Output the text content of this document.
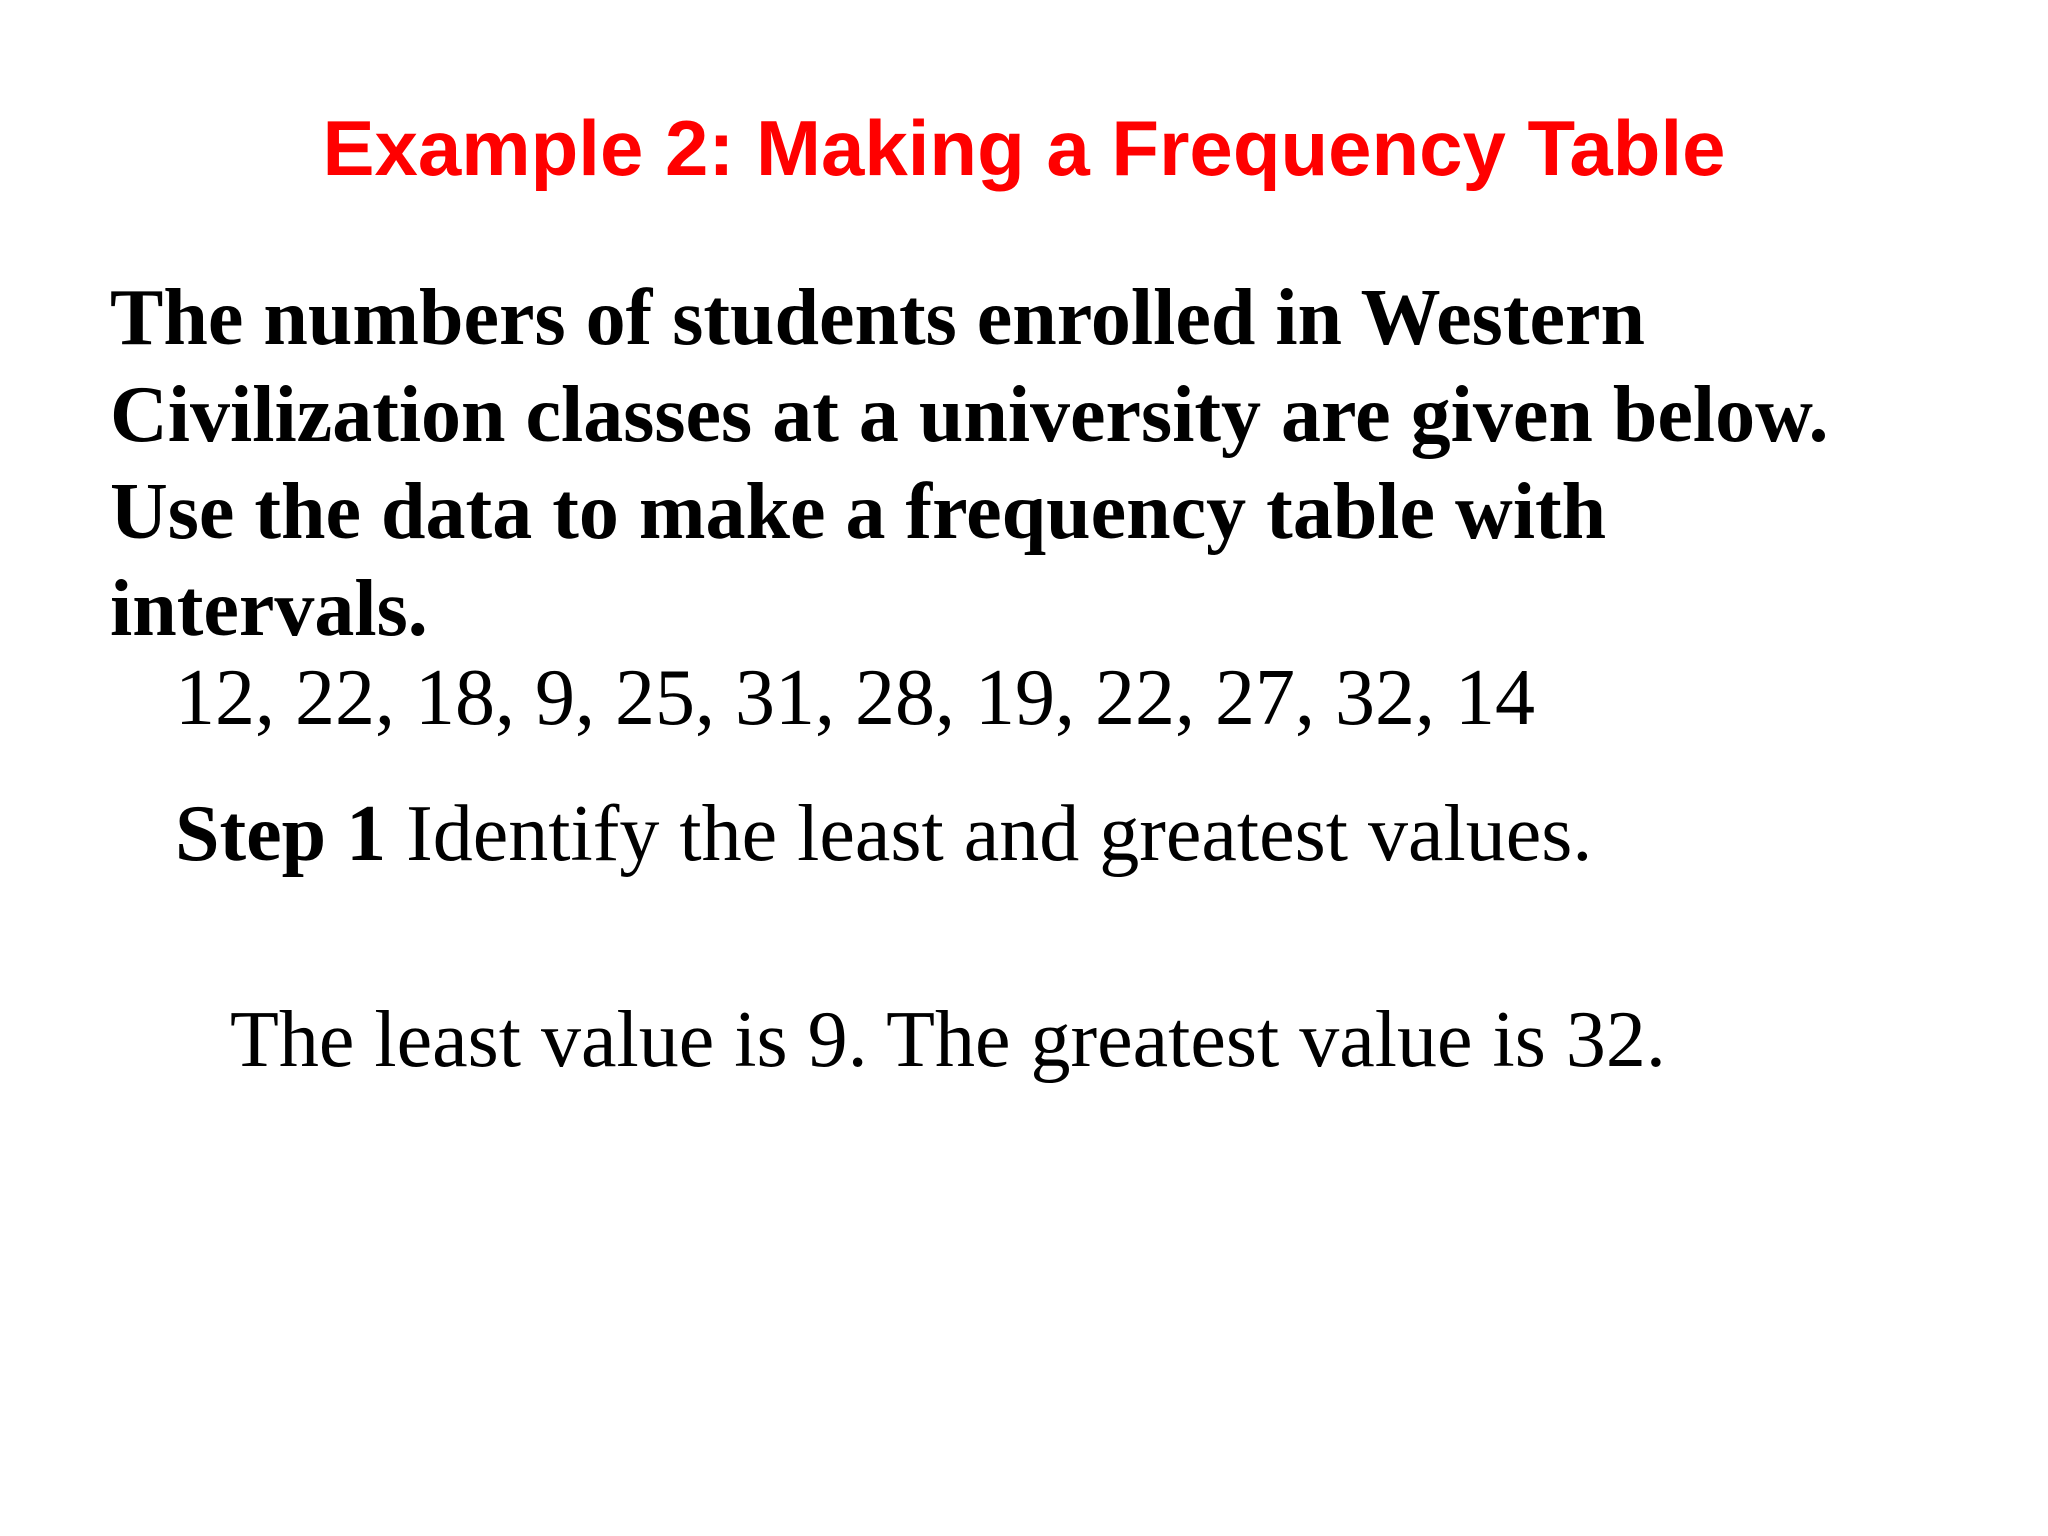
Example 2: Making a Frequency Table
The numbers of students enrolled in Western
Civilization classes at a university are given below.
Use the data to make a frequency table with
intervals.
12, 22, 18, 9, 25, 31, 28, 19, 22, 27, 32, 14
Step 1 Identify the least and greatest values.
The least value is 9. The greatest value is 32.
